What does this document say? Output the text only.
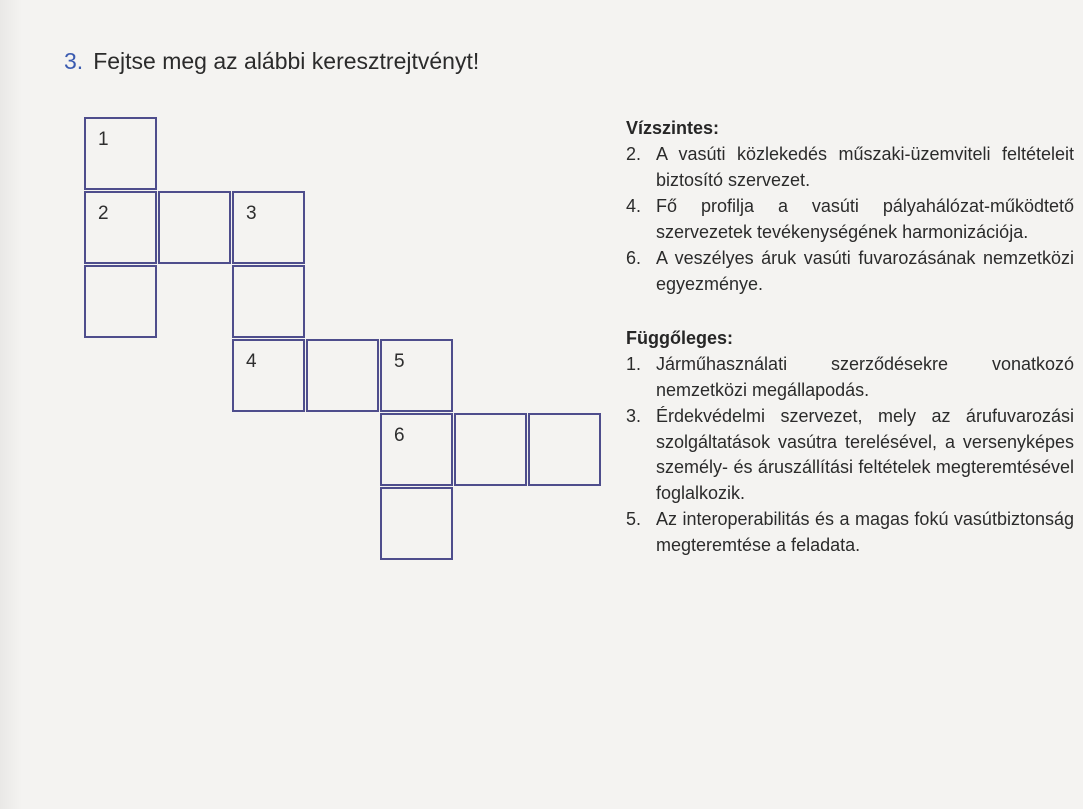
3. Fejtse meg az alábbi keresztrejtvényt!
1
2	3
4	5
6
Vízszintes:
2. A vasúti közlekedés műszaki-üzemviteli feltételeit biztosító szervezet.
4. Fő profilja a vasúti pályahálózat-működtető szervezetek tevékenységének harmonizációja.
6. A veszélyes áruk vasúti fuvarozásának nemzetközi egyezménye.
Függőleges:
1. Járműhasználati szerződésekre vonatkozó nemzetközi megállapodás.
3. Érdekvédelmi szervezet, mely az árufuvarozási szolgáltatások vasútra terelésével, a versenyképes személy- és áruszállítási feltételek megteremtésével foglalkozik.
5. Az interoperabilitás és a magas fokú vasútbiztonság megteremtése a feladata.
